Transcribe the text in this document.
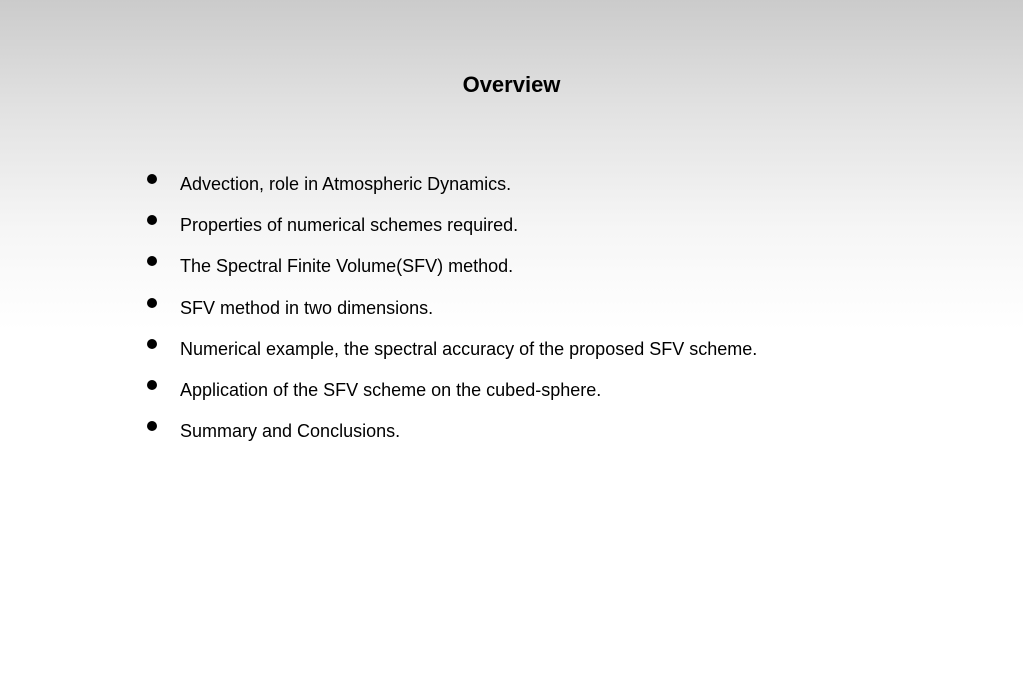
Overview
Advection, role in Atmospheric Dynamics.
Properties of numerical schemes required.
The Spectral Finite Volume(SFV) method.
SFV method in two dimensions.
Numerical example, the spectral accuracy of the proposed SFV scheme.
Application of the SFV scheme on the cubed-sphere.
Summary and Conclusions.
